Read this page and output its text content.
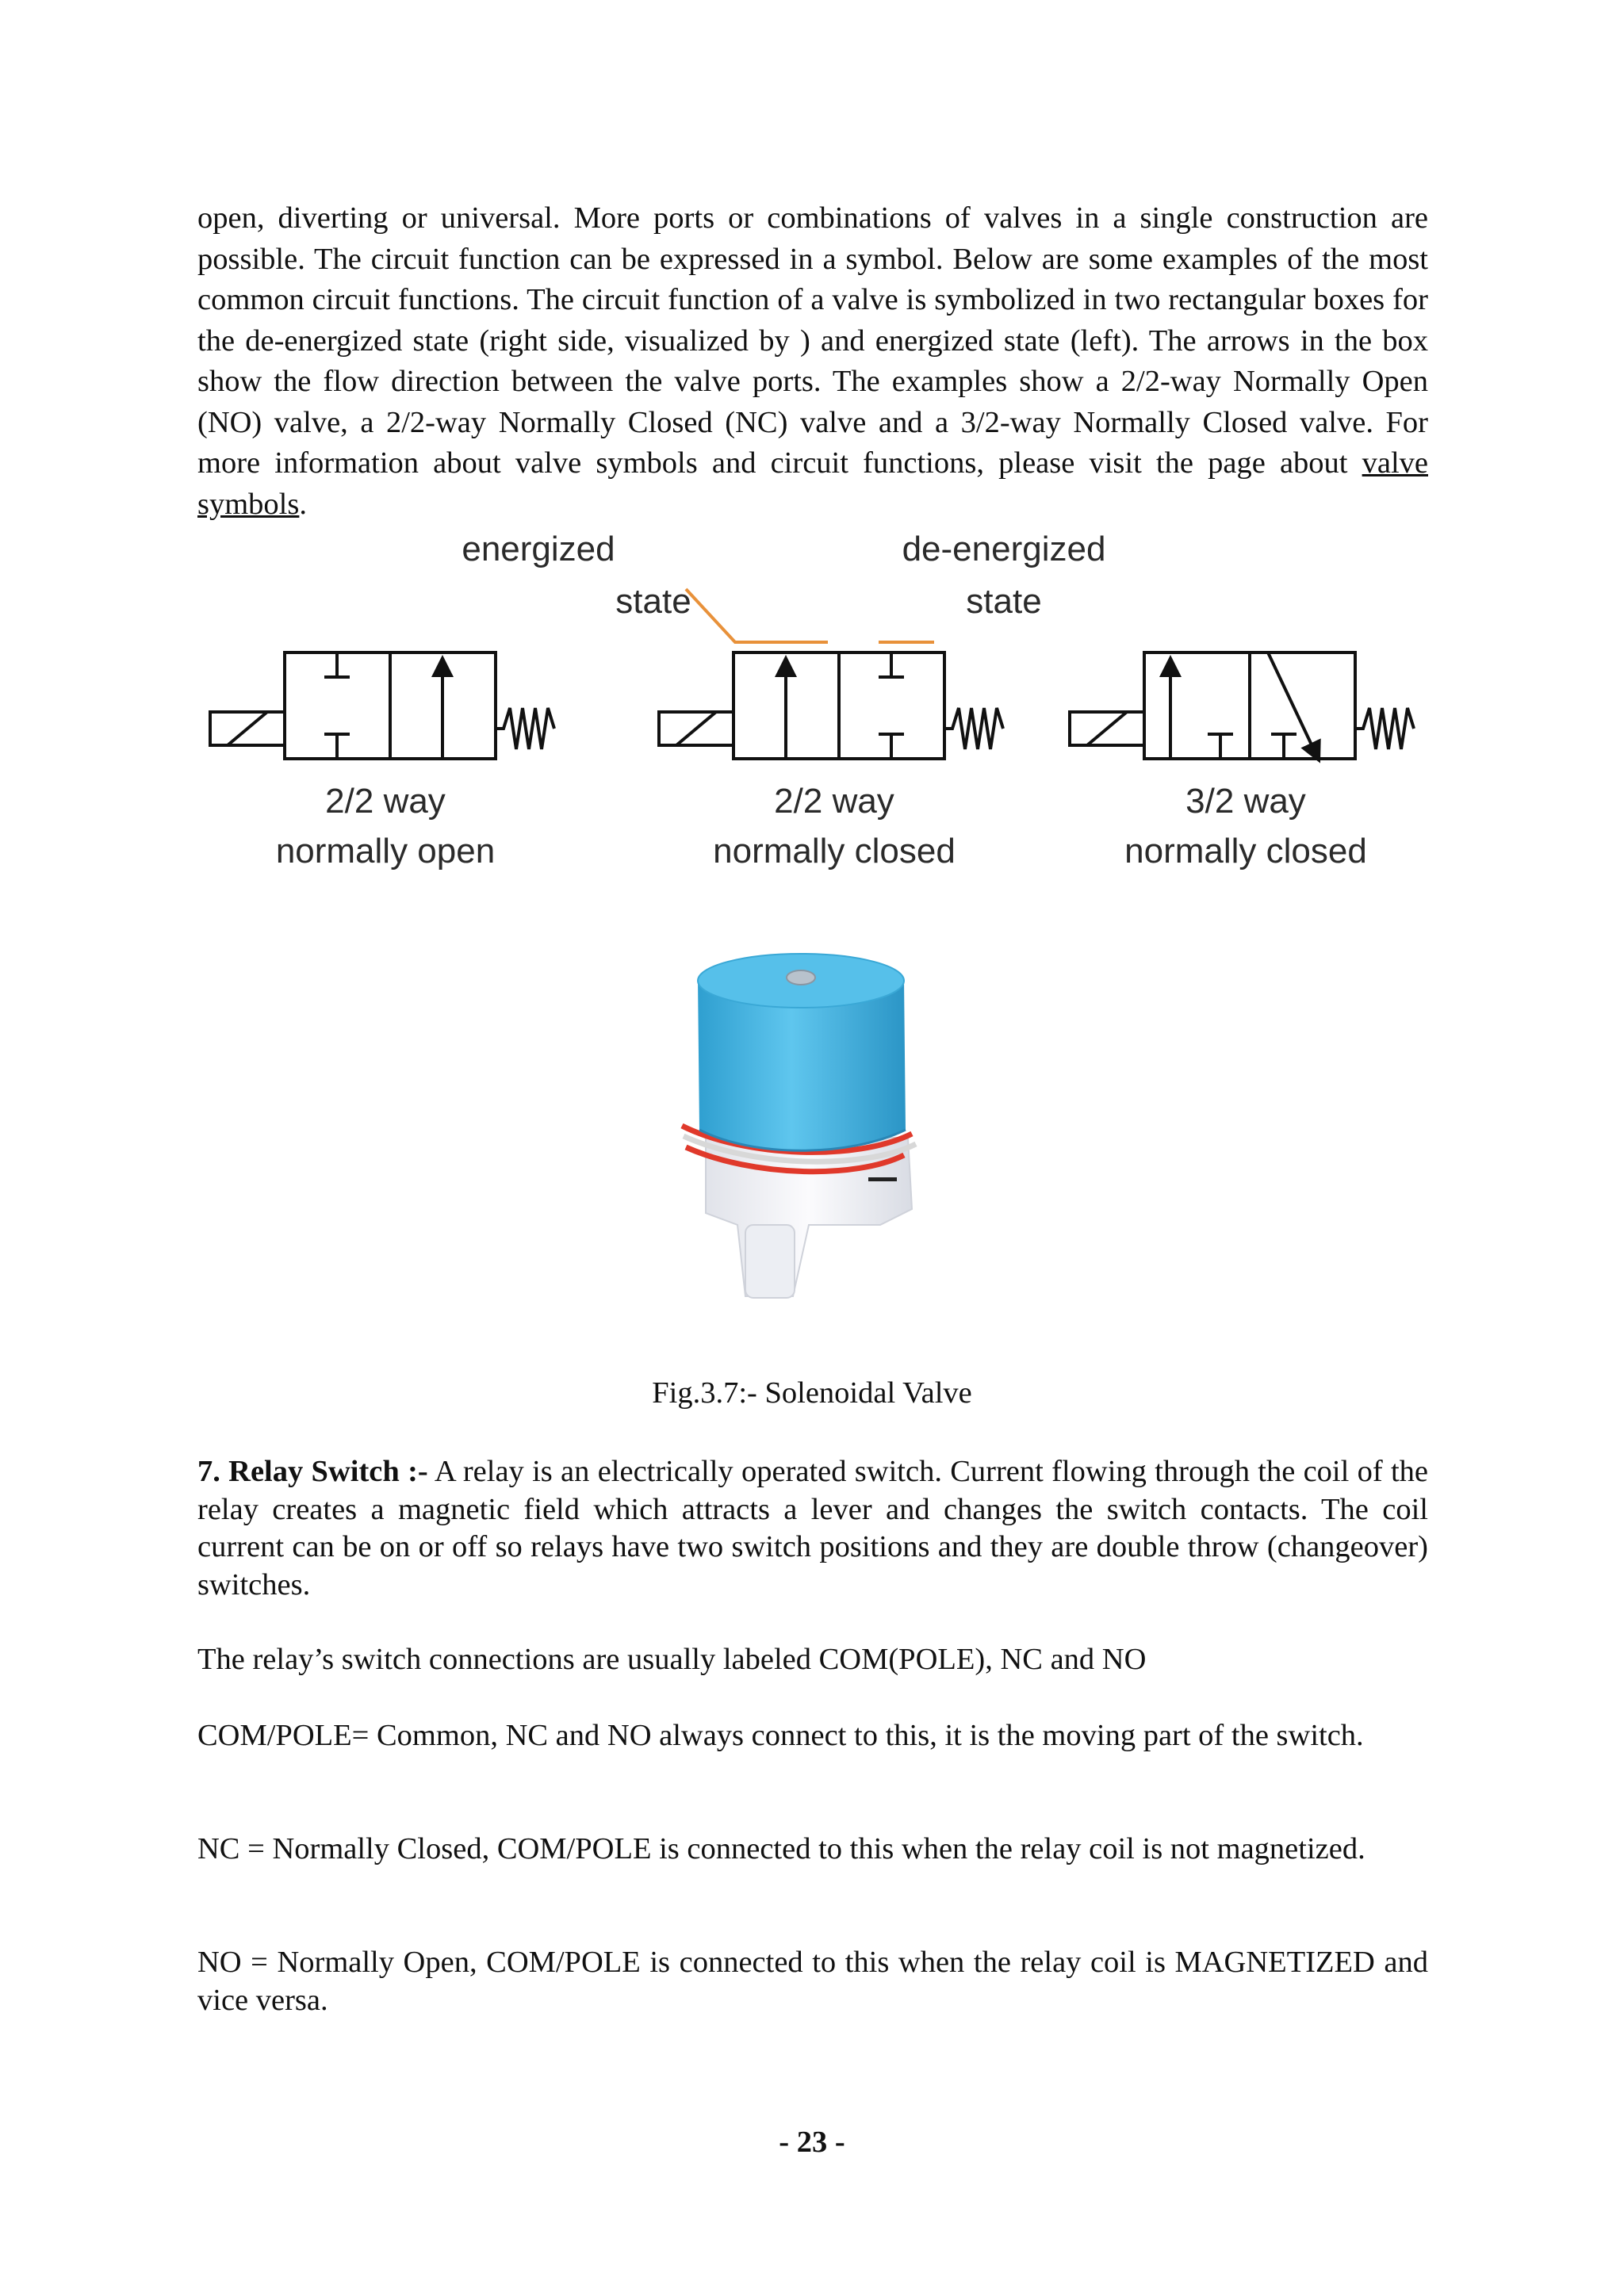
open, diverting or universal. More ports or combinations of valves in a single construction are possible. The circuit function can be expressed in a symbol. Below are some examples of the most common circuit functions. The circuit function of a valve is symbolized in two rectangular boxes for the de-energized state (right side, visualized by ) and energized state (left). The arrows in the box show the flow direction between the valve ports. The examples show a 2/2-way Normally Open (NO) valve, a 2/2-way Normally Closed (NC) valve and a 3/2-way Normally Closed valve. For more information about valve symbols and circuit functions, please visit the page about valve symbols.

energized
state
de-energized
state
2/2 way
normally open
2/2 way
normally closed
3/2 way
normally closed
Fig.3.7:- Solenoidal Valve

7. Relay Switch :- A relay is an electrically operated switch. Current flowing through the coil of the relay creates a magnetic field which attracts a lever and changes the switch contacts. The coil current can be on or off so relays have two switch positions and they are double throw (changeover) switches.

The relay’s switch connections are usually labeled COM(POLE), NC and NO

COM/POLE= Common, NC and NO always connect to this, it is the moving part of the switch.

NC = Normally Closed, COM/POLE is connected to this when the relay coil is not magnetized.

NO = Normally Open, COM/POLE is connected to this when the relay coil is MAGNETIZED and vice versa.

- 23 -
